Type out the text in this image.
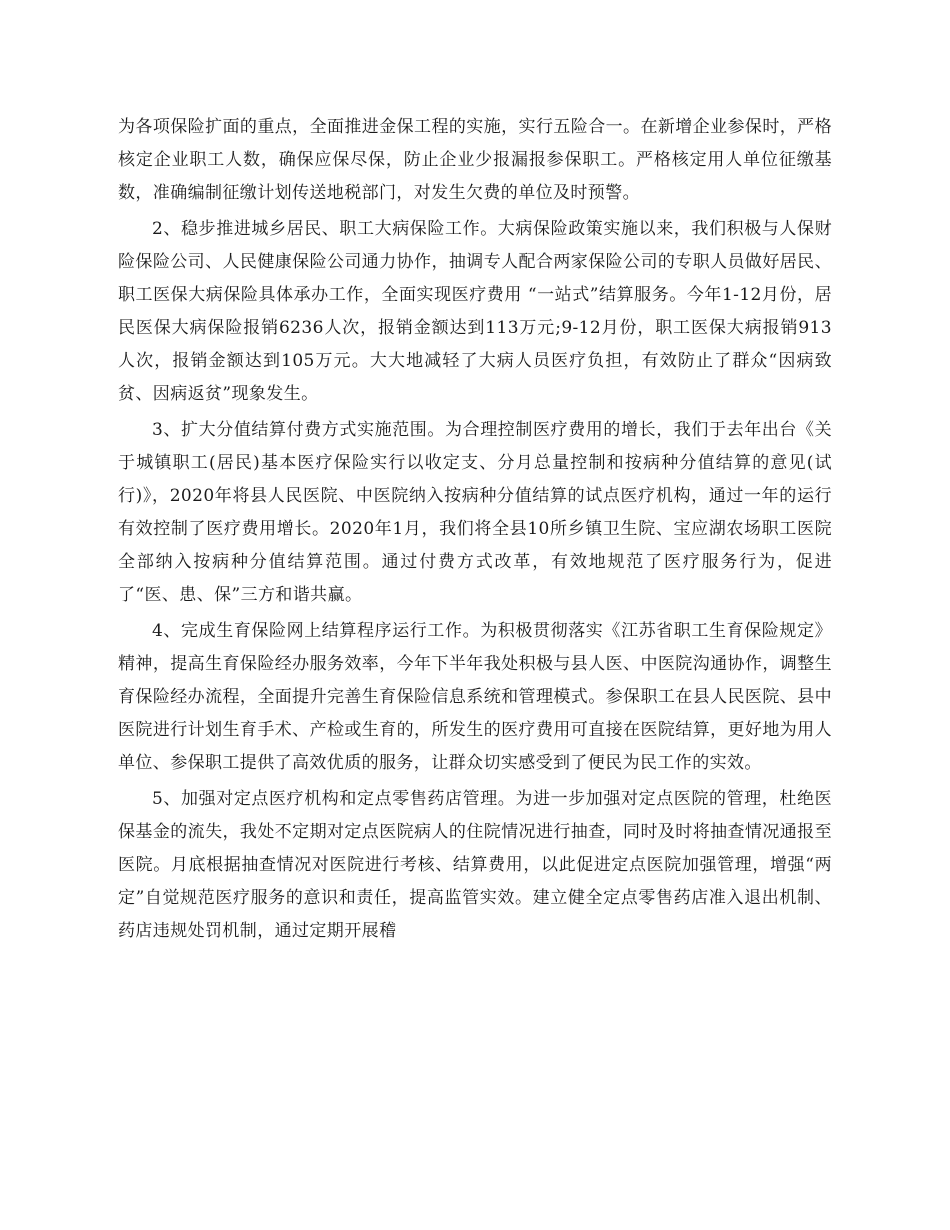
为各项保险扩面的重点，全面推进金保工程的实施，实行五险合一。在新增企业参保时，严格核定企业职工人数，确保应保尽保，防止企业少报漏报参保职工。严格核定用人单位征缴基数，准确编制征缴计划传送地税部门，对发生欠费的单位及时预警。

2、稳步推进城乡居民、职工大病保险工作。大病保险政策实施以来，我们积极与人保财险保险公司、人民健康保险公司通力协作，抽调专人配合两家保险公司的专职人员做好居民、职工医保大病保险具体承办工作，全面实现医疗费用 “一站式”结算服务。今年1-12月份，居民医保大病保险报销6236人次，报销金额达到113万元;9-12月份，职工医保大病报销913人次，报销金额达到105万元。大大地减轻了大病人员医疗负担，有效防止了群众“因病致贫、因病返贫”现象发生。

3、扩大分值结算付费方式实施范围。为合理控制医疗费用的增长，我们于去年出台《关于城镇职工(居民)基本医疗保险实行以收定支、分月总量控制和按病种分值结算的意见(试行)》，2020年将县人民医院、中医院纳入按病种分值结算的试点医疗机构，通过一年的运行有效控制了医疗费用增长。2020年1月，我们将全县10所乡镇卫生院、宝应湖农场职工医院全部纳入按病种分值结算范围。通过付费方式改革，有效地规范了医疗服务行为，促进了“医、患、保”三方和谐共赢。

4、完成生育保险网上结算程序运行工作。为积极贯彻落实《江苏省职工生育保险规定》精神，提高生育保险经办服务效率，今年下半年我处积极与县人医、中医院沟通协作，调整生育保险经办流程，全面提升完善生育保险信息系统和管理模式。参保职工在县人民医院、县中医院进行计划生育手术、产检或生育的，所发生的医疗费用可直接在医院结算，更好地为用人单位、参保职工提供了高效优质的服务，让群众切实感受到了便民为民工作的实效。

5、加强对定点医疗机构和定点零售药店管理。为进一步加强对定点医院的管理，杜绝医保基金的流失，我处不定期对定点医院病人的住院情况进行抽查，同时及时将抽查情况通报至医院。月底根据抽查情况对医院进行考核、结算费用，以此促进定点医院加强管理，增强“两定”自觉规范医疗服务的意识和责任，提高监管实效。建立健全定点零售药店准入退出机制、药店违规处罚机制，通过定期开展稽
